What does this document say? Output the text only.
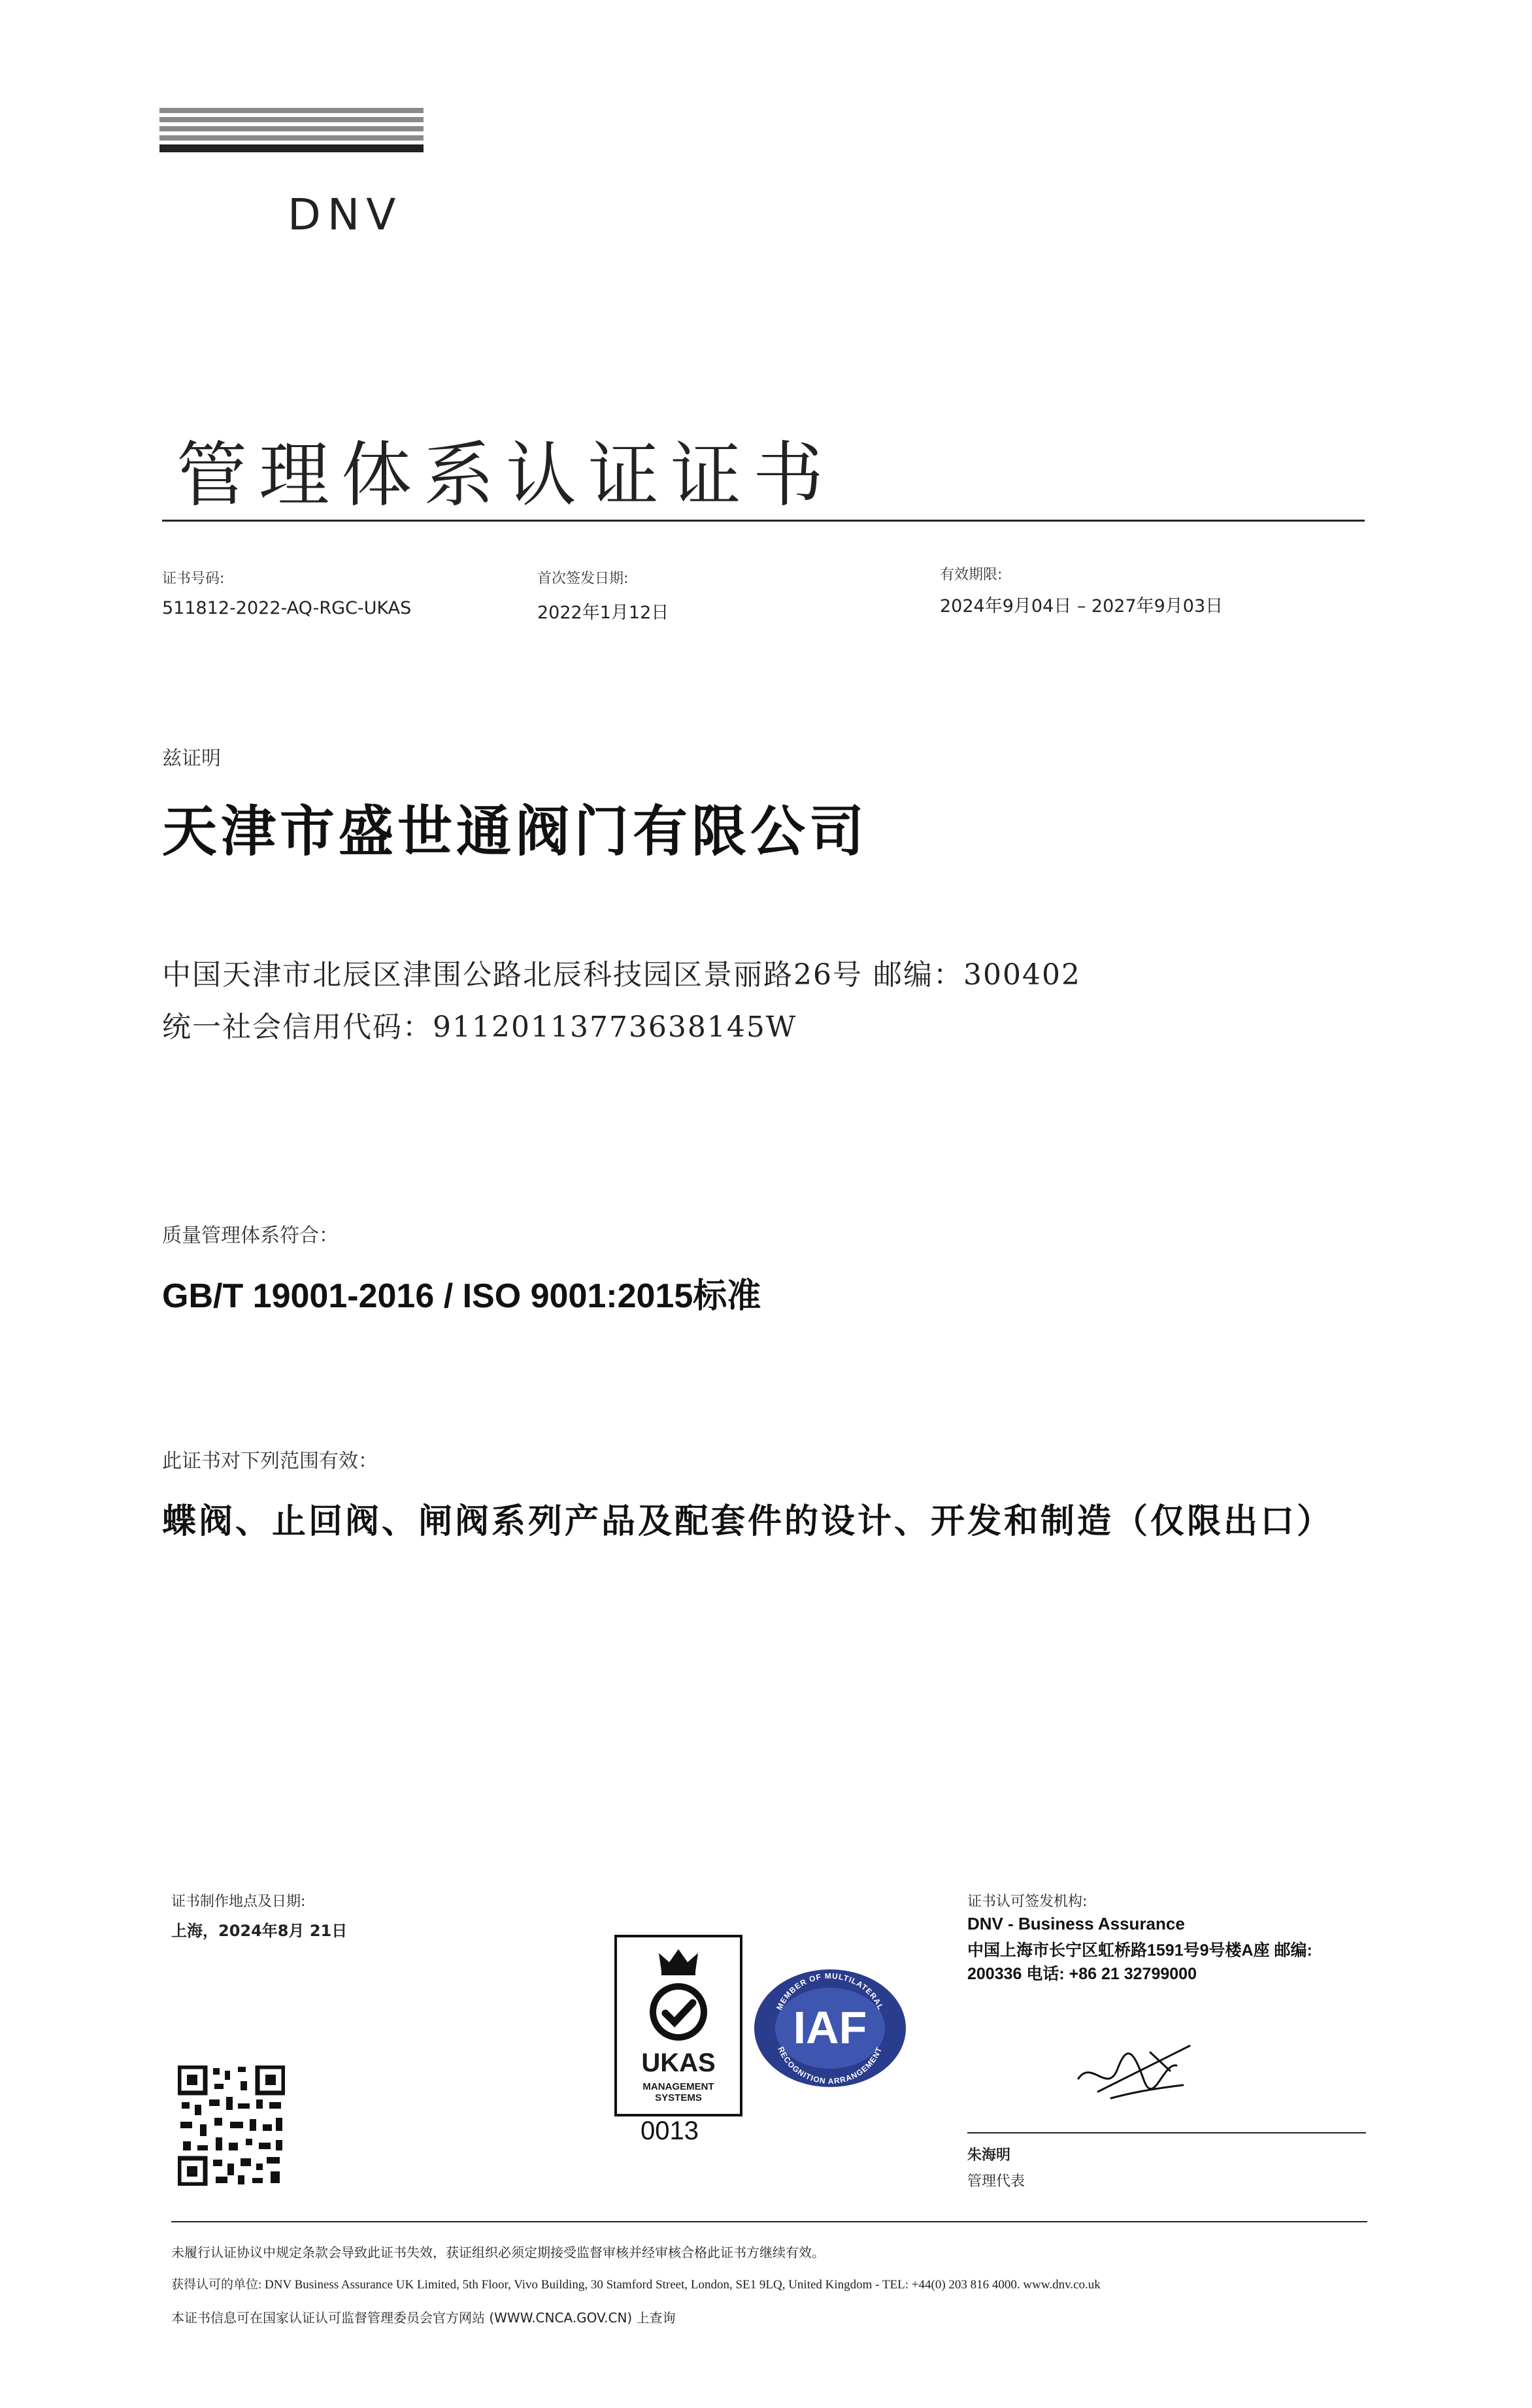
DNV
管理体系认证证书
证书号码:
511812-2022-AQ-RGC-UKAS
首次签发日期:
2022年1月12日
有效期限:
2024年9月04日 – 2027年9月03日
兹证明
天津市盛世通阀门有限公司
中国天津市北辰区津围公路北辰科技园区景丽路26号 邮编：300402
统一社会信用代码：91120113773638145W
质量管理体系符合：
GB/T 19001-2016 / ISO 9001:2015标准
此证书对下列范围有效：
蝶阀、止回阀、闸阀系列产品及配套件的设计、开发和制造（仅限出口）
证书制作地点及日期:
上海，2024年8月 21日
UKAS
MANAGEMENT
SYSTEMS
0013
MEMBER OF MULTILATERAL
RECOGNITION ARRANGEMENT
IAF
证书认可签发机构:
DNV - Business Assurance
中国上海市长宁区虹桥路1591号9号楼A座 邮编:
200336 电话: +86 21 32799000
朱海明
管理代表
未履行认证协议中规定条款会导致此证书失效，获证组织必须定期接受监督审核并经审核合格此证书方继续有效。
获得认可的单位: DNV Business Assurance UK Limited, 5th Floor, Vivo Building, 30 Stamford Street, London, SE1 9LQ, United Kingdom - TEL: +44(0) 203 816 4000. www.dnv.co.uk
本证书信息可在国家认证认可监督管理委员会官方网站 (WWW.CNCA.GOV.CN) 上查询
